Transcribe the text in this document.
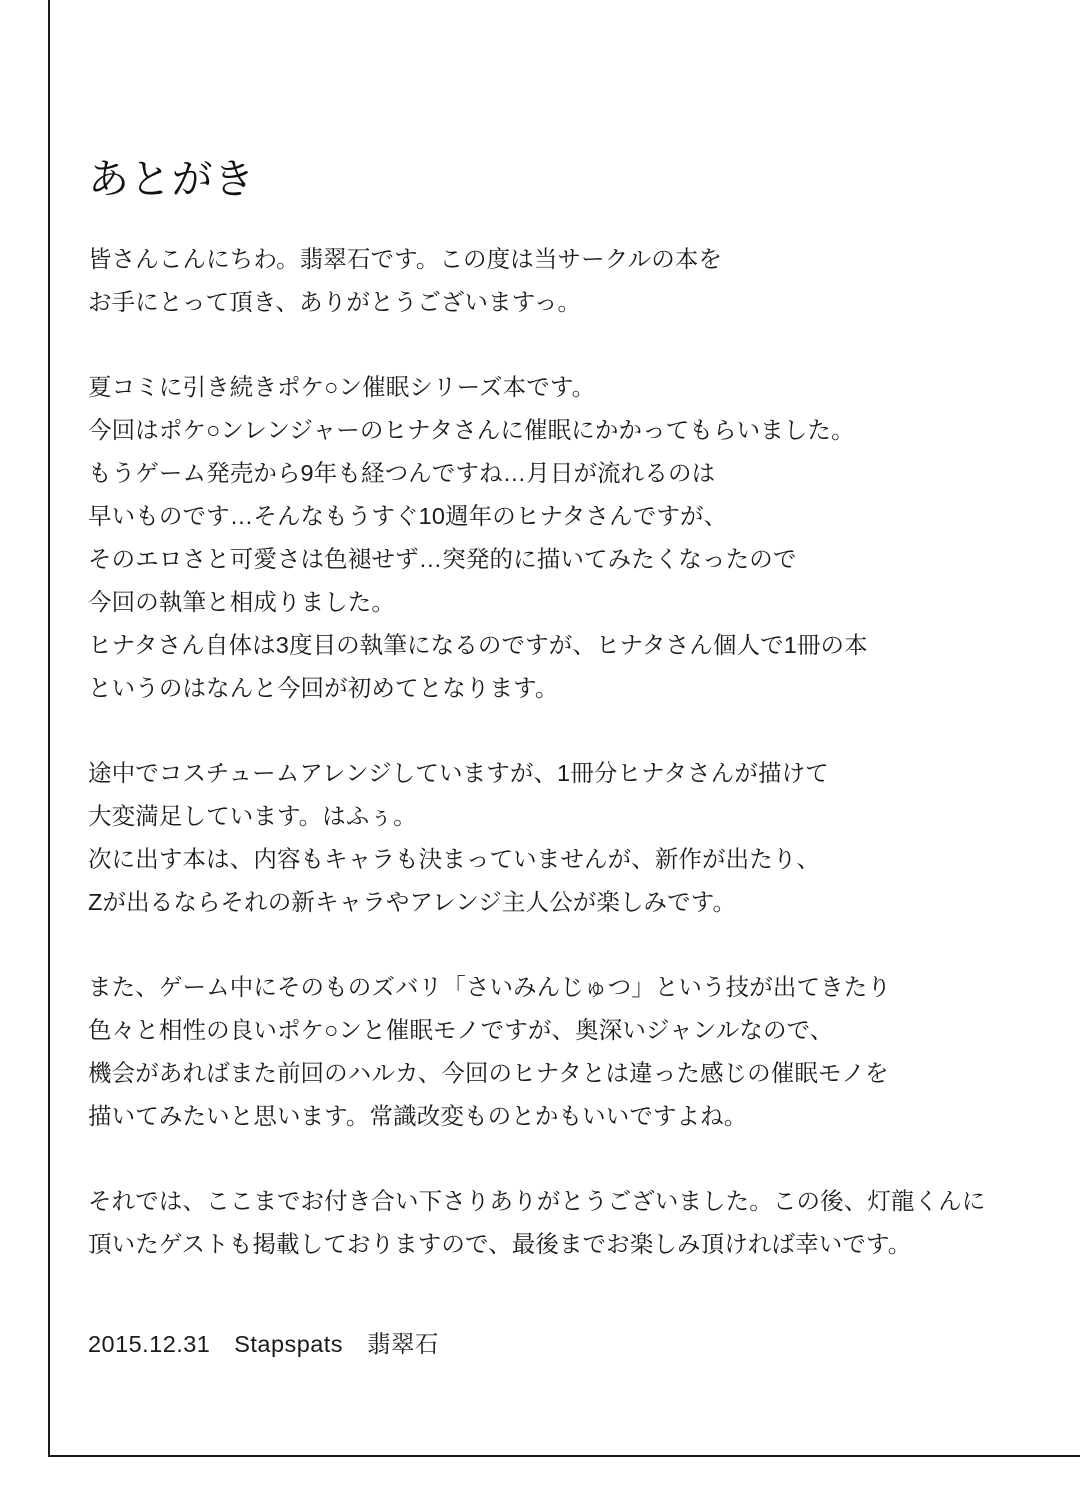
あとがき
皆さんこんにちわ。翡翠石です。この度は当サークルの本を
お手にとって頂き、ありがとうございますっ。
夏コミに引き続きポケ○ン催眠シリーズ本です。
今回はポケ○ンレンジャーのヒナタさんに催眠にかかってもらいました。
もうゲーム発売から9年も経つんですね…月日が流れるのは
早いものです…そんなもうすぐ10週年のヒナタさんですが、
そのエロさと可愛さは色褪せず…突発的に描いてみたくなったので
今回の執筆と相成りました。
ヒナタさん自体は3度目の執筆になるのですが、ヒナタさん個人で1冊の本
というのはなんと今回が初めてとなります。
途中でコスチュームアレンジしていますが、1冊分ヒナタさんが描けて
大変満足しています。はふぅ。
次に出す本は、内容もキャラも決まっていませんが、新作が出たり、
Zが出るならそれの新キャラやアレンジ主人公が楽しみです。
また、ゲーム中にそのものズバリ「さいみんじゅつ」という技が出てきたり
色々と相性の良いポケ○ンと催眠モノですが、奥深いジャンルなので、
機会があればまた前回のハルカ、今回のヒナタとは違った感じの催眠モノを
描いてみたいと思います。常識改変ものとかもいいですよね。
それでは、ここまでお付き合い下さりありがとうございました。この後、灯龍くんに
頂いたゲストも掲載しておりますので、最後までお楽しみ頂ければ幸いです。
2015.12.31　Stapspats　翡翠石
